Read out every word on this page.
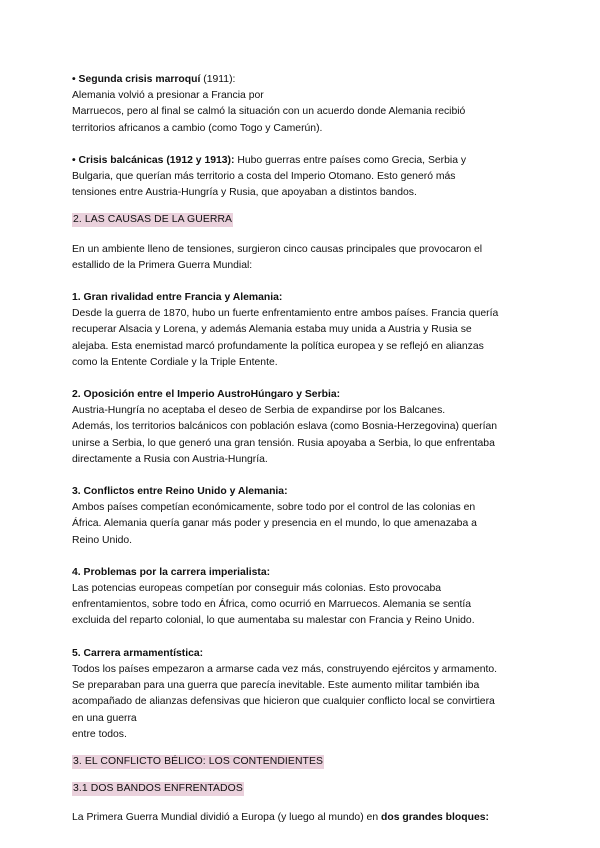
• Segunda crisis marroquí (1911):
Alemania volvió a presionar a Francia por
Marruecos, pero al final se calmó la situación con un acuerdo donde Alemania recibió
territorios africanos a cambio (como Togo y Camerún).

• Crisis balcánicas (1912 y 1913): Hubo guerras entre países como Grecia, Serbia y
Bulgaria, que querían más territorio a costa del Imperio Otomano. Esto generó más
tensiones entre Austria-Hungría y Rusia, que apoyaban a distintos bandos.

2. LAS CAUSAS DE LA GUERRA

En un ambiente lleno de tensiones, surgieron cinco causas principales que provocaron el
estallido de la Primera Guerra Mundial:

1. Gran rivalidad entre Francia y Alemania:
Desde la guerra de 1870, hubo un fuerte enfrentamiento entre ambos países. Francia quería
recuperar Alsacia y Lorena, y además Alemania estaba muy unida a Austria y Rusia se
alejaba. Esta enemistad marcó profundamente la política europea y se reflejó en alianzas
como la Entente Cordiale y la Triple Entente.

2. Oposición entre el Imperio AustroHúngaro y Serbia:
Austria-Hungría no aceptaba el deseo de Serbia de expandirse por los Balcanes.
Además, los territorios balcánicos con población eslava (como Bosnia-Herzegovina) querían
unirse a Serbia, lo que generó una gran tensión. Rusia apoyaba a Serbia, lo que enfrentaba
directamente a Rusia con Austria-Hungría.

3. Conflictos entre Reino Unido y Alemania:
Ambos países competían económicamente, sobre todo por el control de las colonias en
África. Alemania quería ganar más poder y presencia en el mundo, lo que amenazaba a
Reino Unido.

4. Problemas por la carrera imperialista:
Las potencias europeas competían por conseguir más colonias. Esto provocaba
enfrentamientos, sobre todo en África, como ocurrió en Marruecos. Alemania se sentía
excluida del reparto colonial, lo que aumentaba su malestar con Francia y Reino Unido.

5. Carrera armamentística:
Todos los países empezaron a armarse cada vez más, construyendo ejércitos y armamento.
Se preparaban para una guerra que parecía inevitable. Este aumento militar también iba
acompañado de alianzas defensivas que hicieron que cualquier conflicto local se convirtiera
en una guerra
entre todos.

3. EL CONFLICTO BÉLICO: LOS CONTENDIENTES

3.1 DOS BANDOS ENFRENTADOS

La Primera Guerra Mundial dividió a Europa (y luego al mundo) en dos grandes bloques:
